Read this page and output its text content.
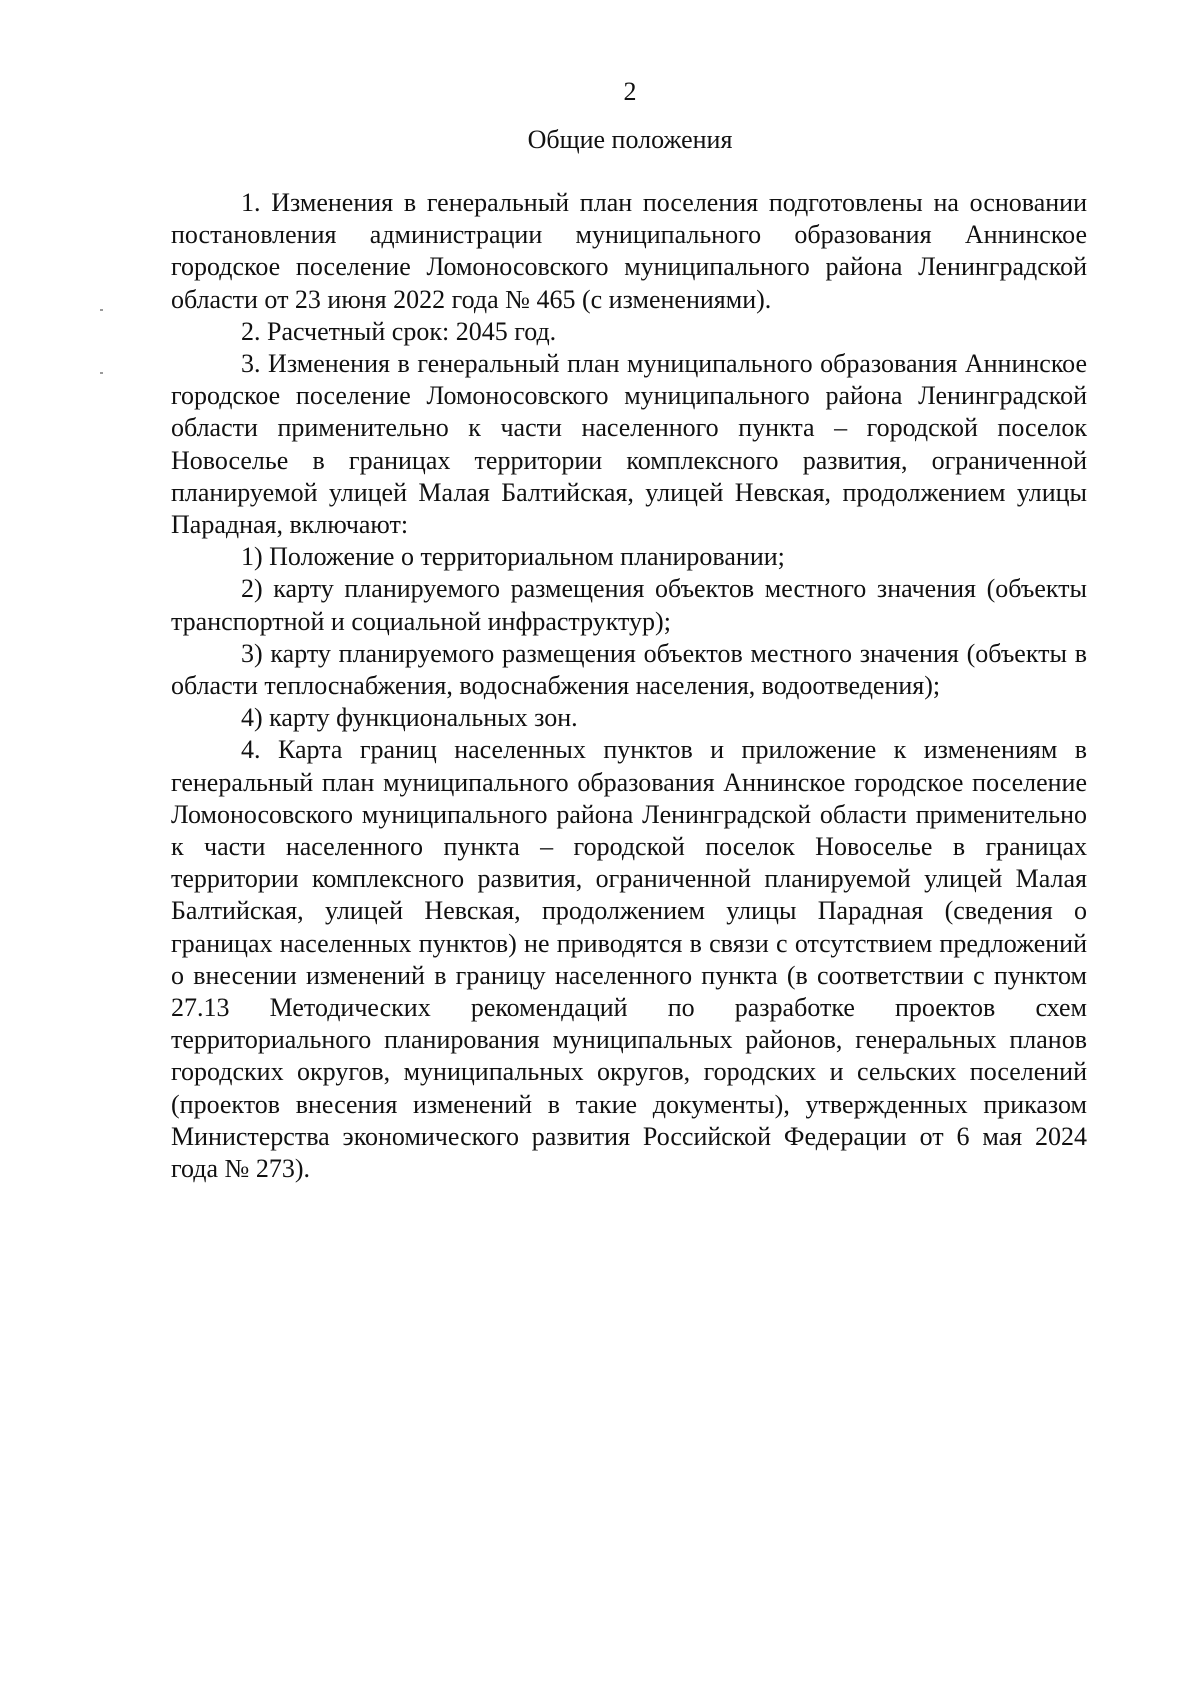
2
Общие положения

1. Изменения в генеральный план поселения подготовлены на основании постановления администрации муниципального образования Аннинское городское поселение Ломоносовского муниципального района Ленинградской области от 23 июня 2022 года № 465 (с изменениями).

2. Расчетный срок: 2045 год.

3. Изменения в генеральный план муниципального образования Аннинское городское поселение Ломоносовского муниципального района Ленинградской области применительно к части населенного пункта – городской поселок Новоселье в границах территории комплексного развития, ограниченной планируемой улицей Малая Балтийская, улицей Невская, продолжением улицы Парадная, включают:

1) Положение о территориальном планировании;

2) карту планируемого размещения объектов местного значения (объекты транспортной и социальной инфраструктур);

3) карту планируемого размещения объектов местного значения (объекты в области теплоснабжения, водоснабжения населения, водоотведения);

4) карту функциональных зон.

4. Карта границ населенных пунктов и приложение к изменениям в генеральный план муниципального образования Аннинское городское поселение Ломоносовского муниципального района Ленинградской области применительно к части населенного пункта – городской поселок Новоселье в границах территории комплексного развития, ограниченной планируемой улицей Малая Балтийская, улицей Невская, продолжением улицы Парадная (сведения о границах населенных пунктов) не приводятся в связи с отсутствием предложений о внесении изменений в границу населенного пункта (в соответствии с пунктом 27.13 Методических рекомендаций по разработке проектов схем территориального планирования муниципальных районов, генеральных планов городских округов, муниципальных округов, городских и сельских поселений (проектов внесения изменений в такие документы), утвержденных приказом Министерства экономического развития Российской Федерации от 6 мая 2024 года № 273).
